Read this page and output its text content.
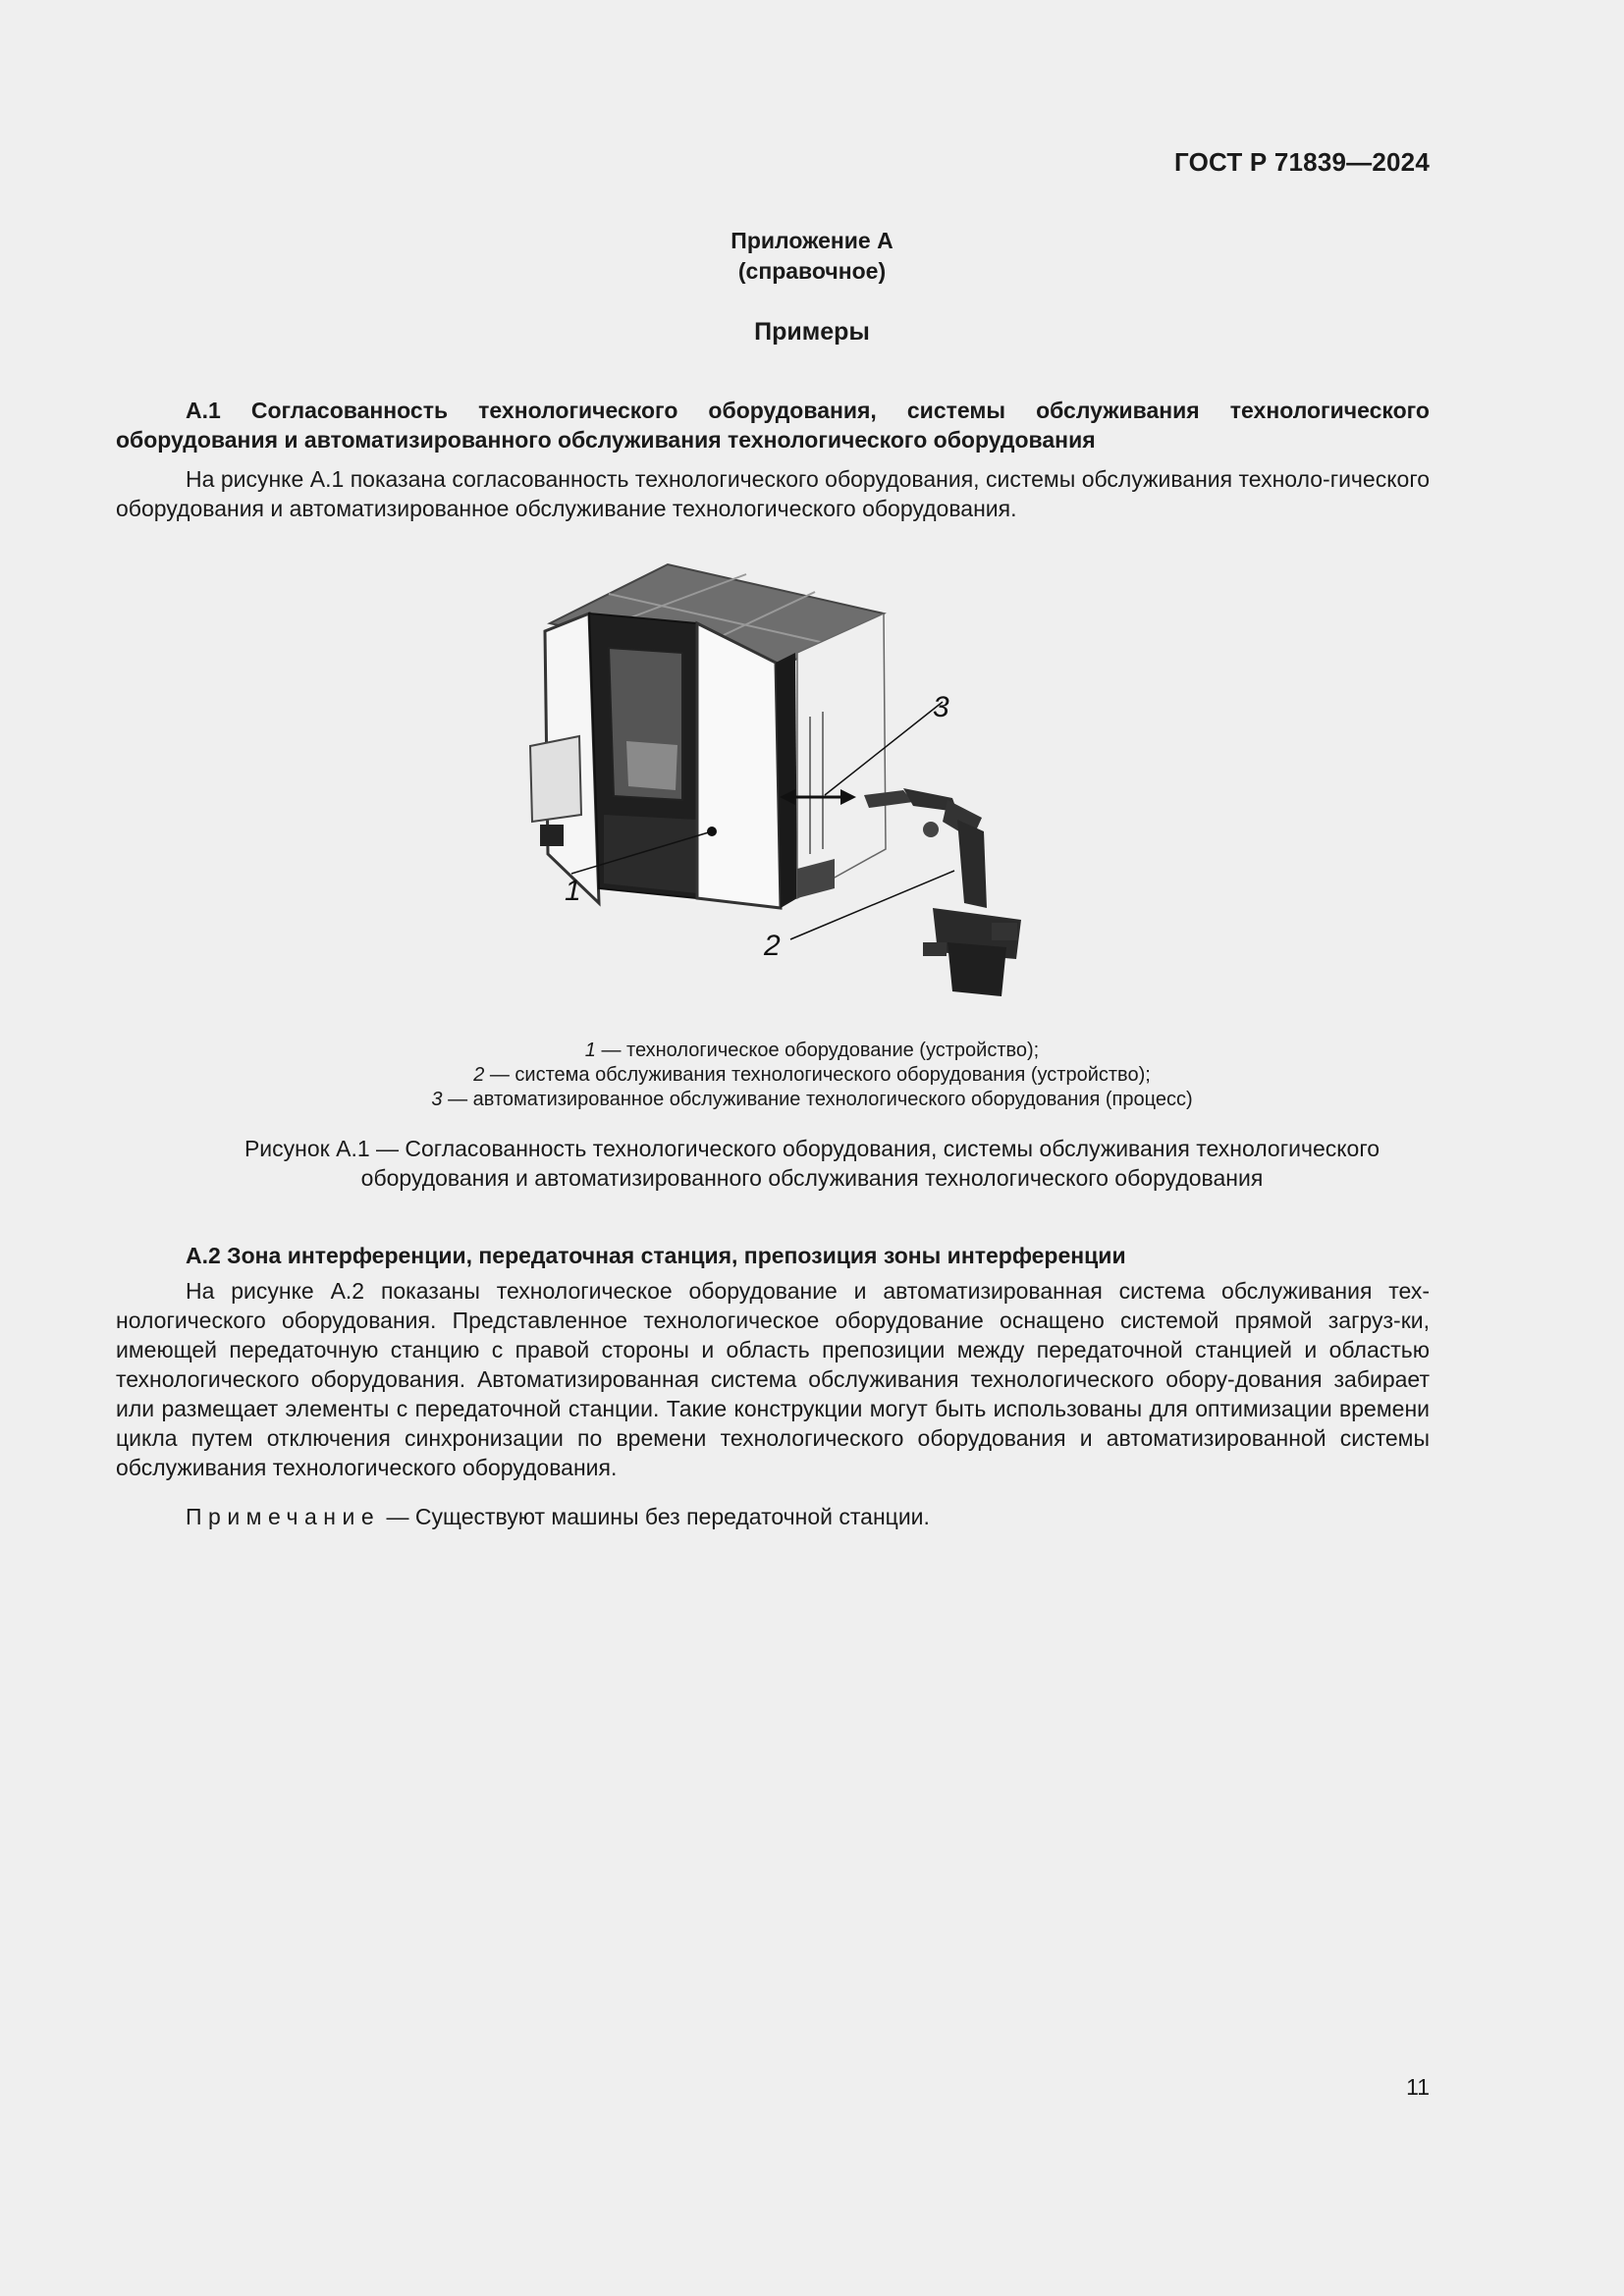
ГОСТ Р 71839—2024
Приложение А
(справочное)
Примеры
А.1 Согласованность технологического оборудования, системы обслуживания технологического оборудования и автоматизированного обслуживания технологического оборудования
На рисунке А.1 показана согласованность технологического оборудования, системы обслуживания техноло-гического оборудования и автоматизированное обслуживание технологического оборудования.
1
2
3
1 — технологическое оборудование (устройство);
2 — система обслуживания технологического оборудования (устройство);
3 — автоматизированное обслуживание технологического оборудования (процесс)
Рисунок А.1 — Согласованность технологического оборудования, системы обслуживания технологического
оборудования и автоматизированного обслуживания технологического оборудования
А.2 Зона интерференции, передаточная станция, препозиция зоны интерференции
На рисунке А.2 показаны технологическое оборудование и автоматизированная система обслуживания тех-нологического оборудования. Представленное технологическое оборудование оснащено системой прямой загруз-ки, имеющей передаточную станцию с правой стороны и область препозиции между передаточной станцией и областью технологического оборудования. Автоматизированная система обслуживания технологического обору-дования забирает или размещает элементы с передаточной станции. Такие конструкции могут быть использованы для оптимизации времени цикла путем отключения синхронизации по времени технологического оборудования и автоматизированной системы обслуживания технологического оборудования.
Примечание — Существуют машины без передаточной станции.
11
